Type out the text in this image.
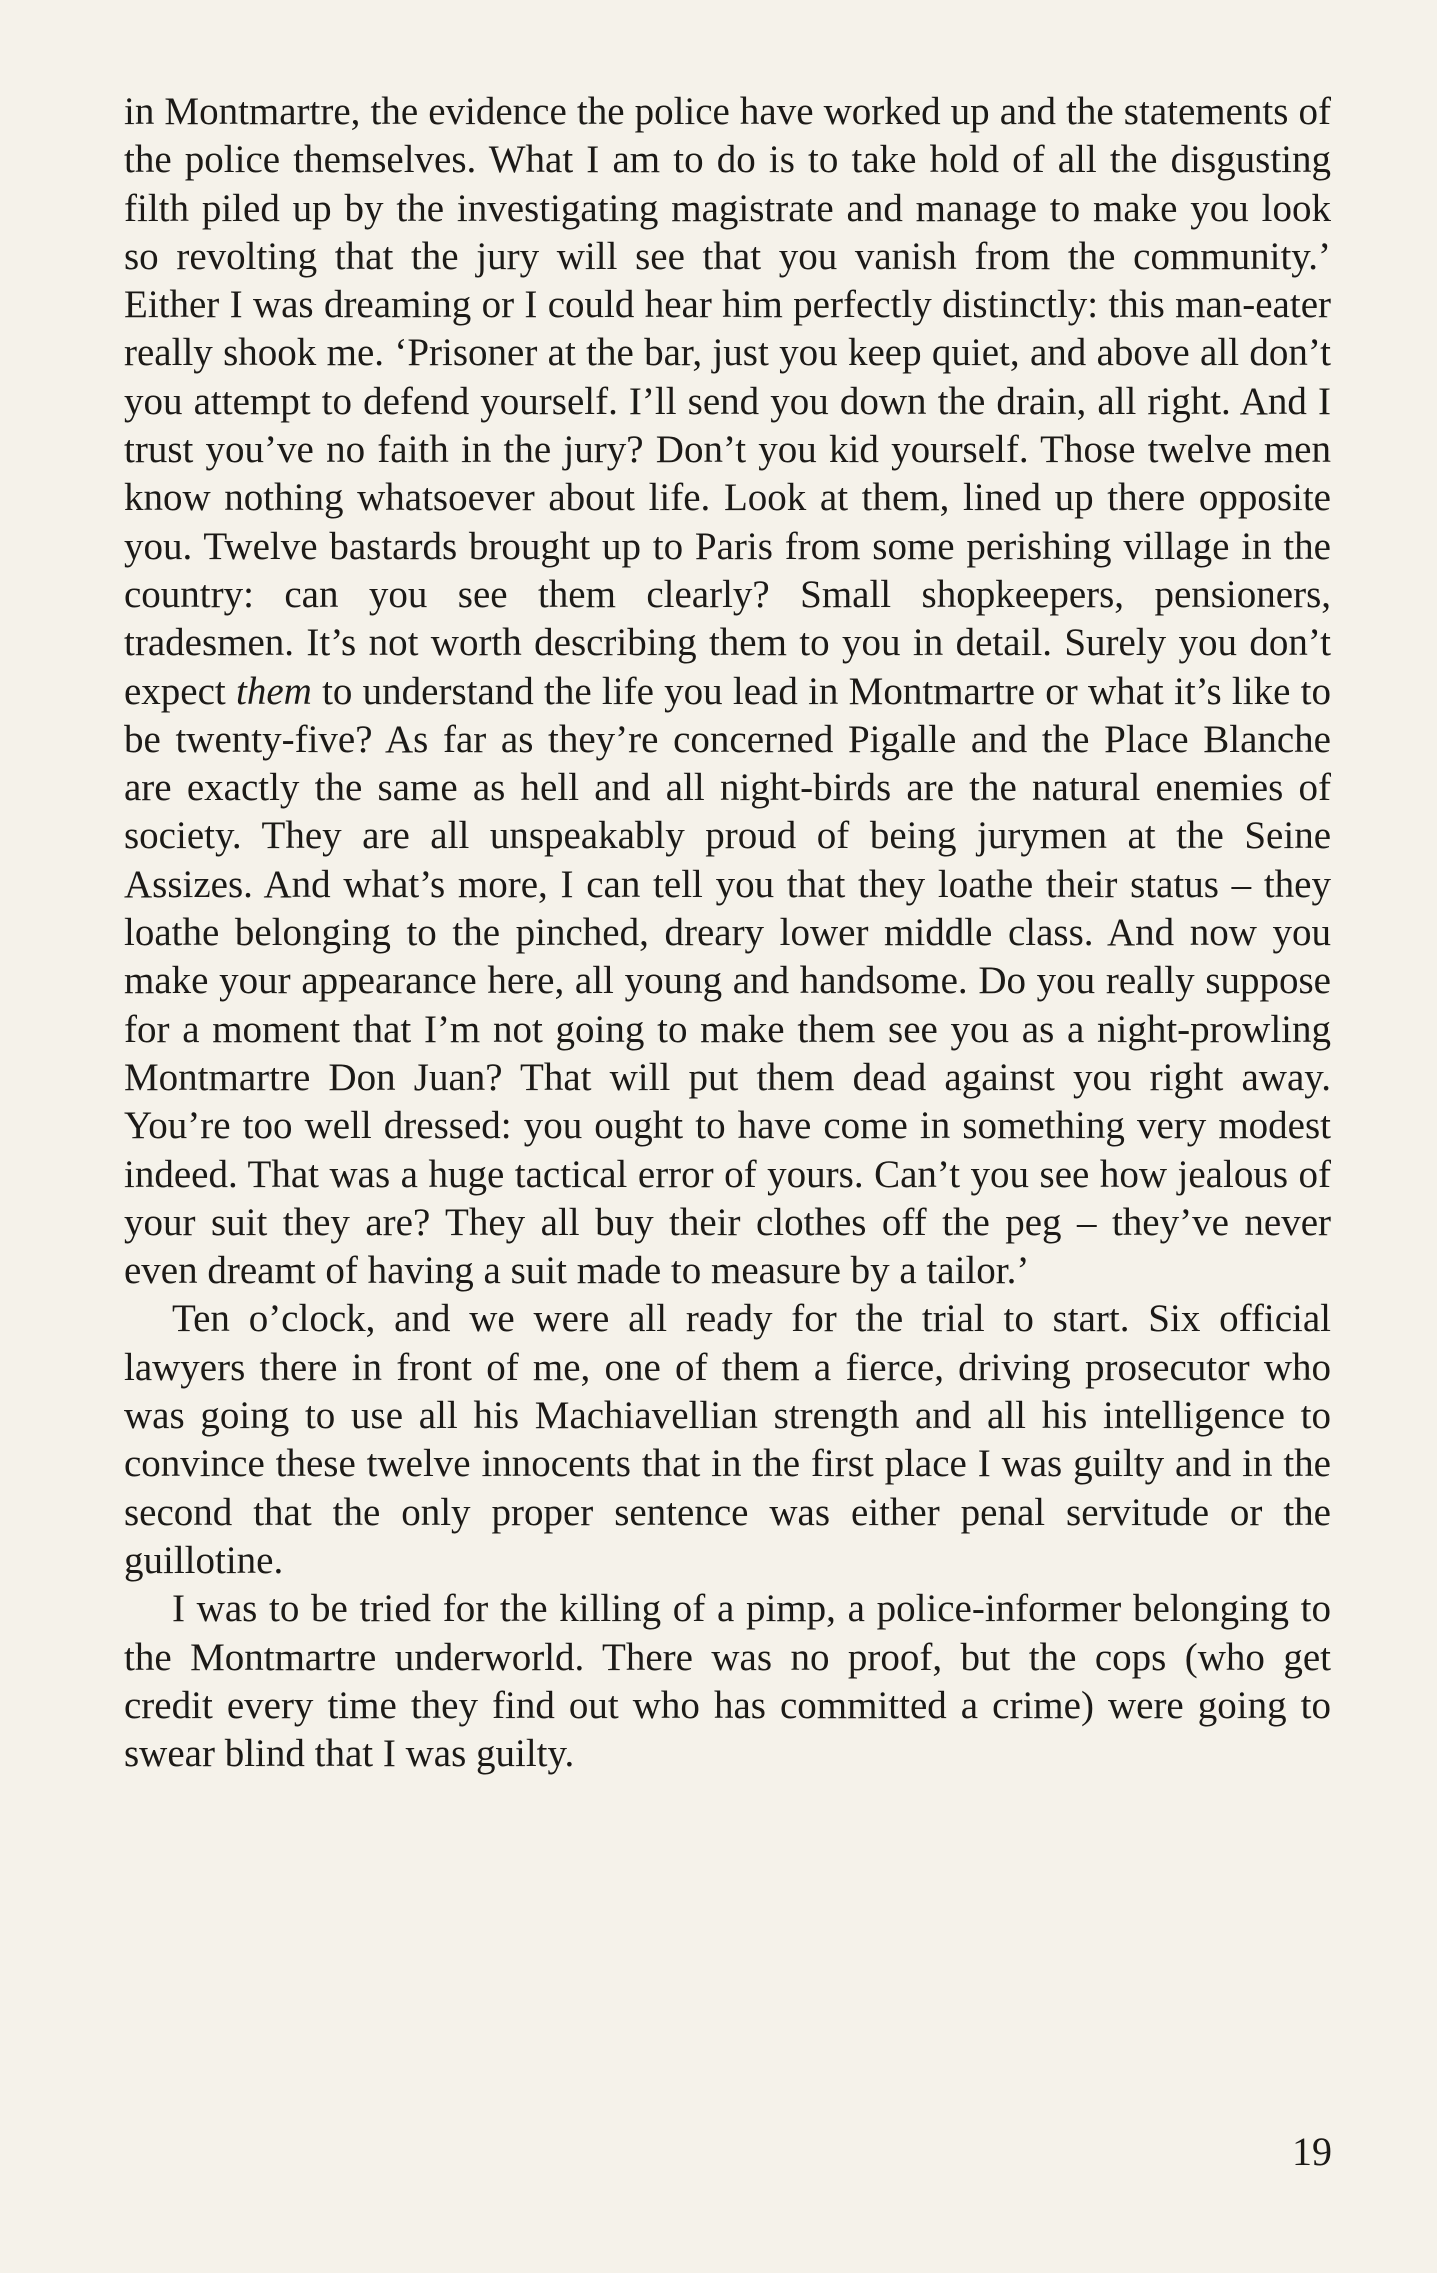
in Montmartre, the evidence the police have worked up and the statements of the police themselves. What I am to do is to take hold of all the disgusting filth piled up by the investigating magistrate and manage to make you look so revolting that the jury will see that you vanish from the community.’ Either I was dreaming or I could hear him perfectly distinctly: this man-eater really shook me. ‘Prisoner at the bar, just you keep quiet, and above all don’t you attempt to defend yourself. I’ll send you down the drain, all right. And I trust you’ve no faith in the jury? Don’t you kid yourself. Those twelve men know nothing whatsoever about life. Look at them, lined up there opposite you. Twelve bastards brought up to Paris from some perishing village in the country: can you see them clearly? Small shopkeepers, pensioners, tradesmen. It’s not worth describing them to you in detail. Surely you don’t expect them to understand the life you lead in Montmartre or what it’s like to be twenty-five? As far as they’re concerned Pigalle and the Place Blanche are exactly the same as hell and all night-birds are the natural enemies of society. They are all unspeakably proud of being jurymen at the Seine Assizes. And what’s more, I can tell you that they loathe their status – they loathe belonging to the pinched, dreary lower middle class. And now you make your appearance here, all young and handsome. Do you really suppose for a moment that I’m not going to make them see you as a night-prowling Montmartre Don Juan? That will put them dead against you right away. You’re too well dressed: you ought to have come in something very modest indeed. That was a huge tactical error of yours. Can’t you see how jealous of your suit they are? They all buy their clothes off the peg – they’ve never even dreamt of having a suit made to measure by a tailor.’

Ten o’clock, and we were all ready for the trial to start. Six official lawyers there in front of me, one of them a fierce, driving prosecutor who was going to use all his Machiavellian strength and all his intelligence to convince these twelve innocents that in the first place I was guilty and in the second that the only proper sentence was either penal servitude or the guillotine.

I was to be tried for the killing of a pimp, a police-informer belonging to the Montmartre underworld. There was no proof, but the cops (who get credit every time they find out who has committed a crime) were going to swear blind that I was guilty.

19
